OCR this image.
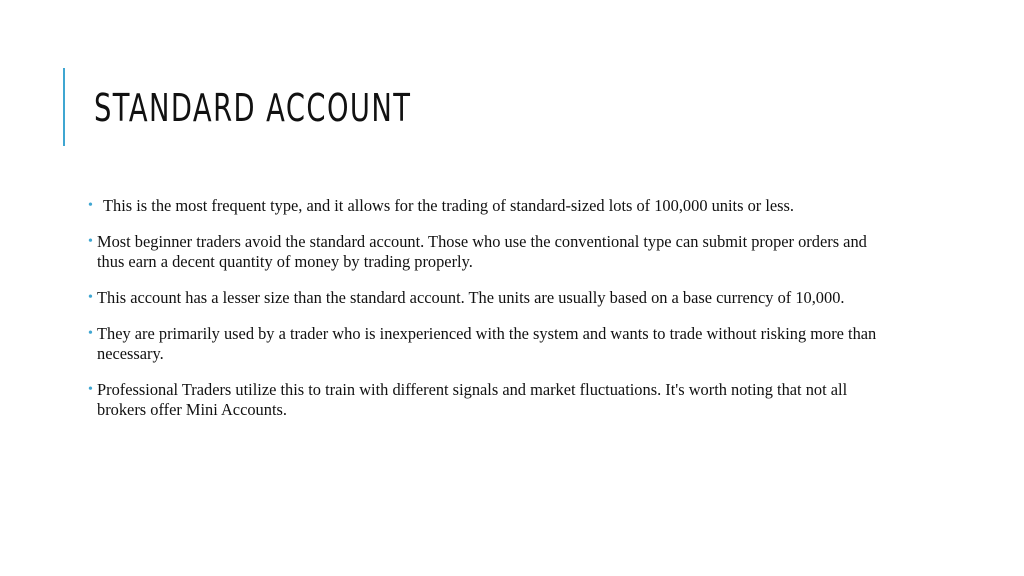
STANDARD ACCOUNT
• This is the most frequent type, and it allows for the trading of standard-sized lots of 100,000 units or less.
• Most beginner traders avoid the standard account. Those who use the conventional type can submit proper orders and thus earn a decent quantity of money by trading properly.
• This account has a lesser size than the standard account. The units are usually based on a base currency of 10,000.
• They are primarily used by a trader who is inexperienced with the system and wants to trade without risking more than necessary.
• Professional Traders utilize this to train with different signals and market fluctuations. It's worth noting that not all brokers offer Mini Accounts.
